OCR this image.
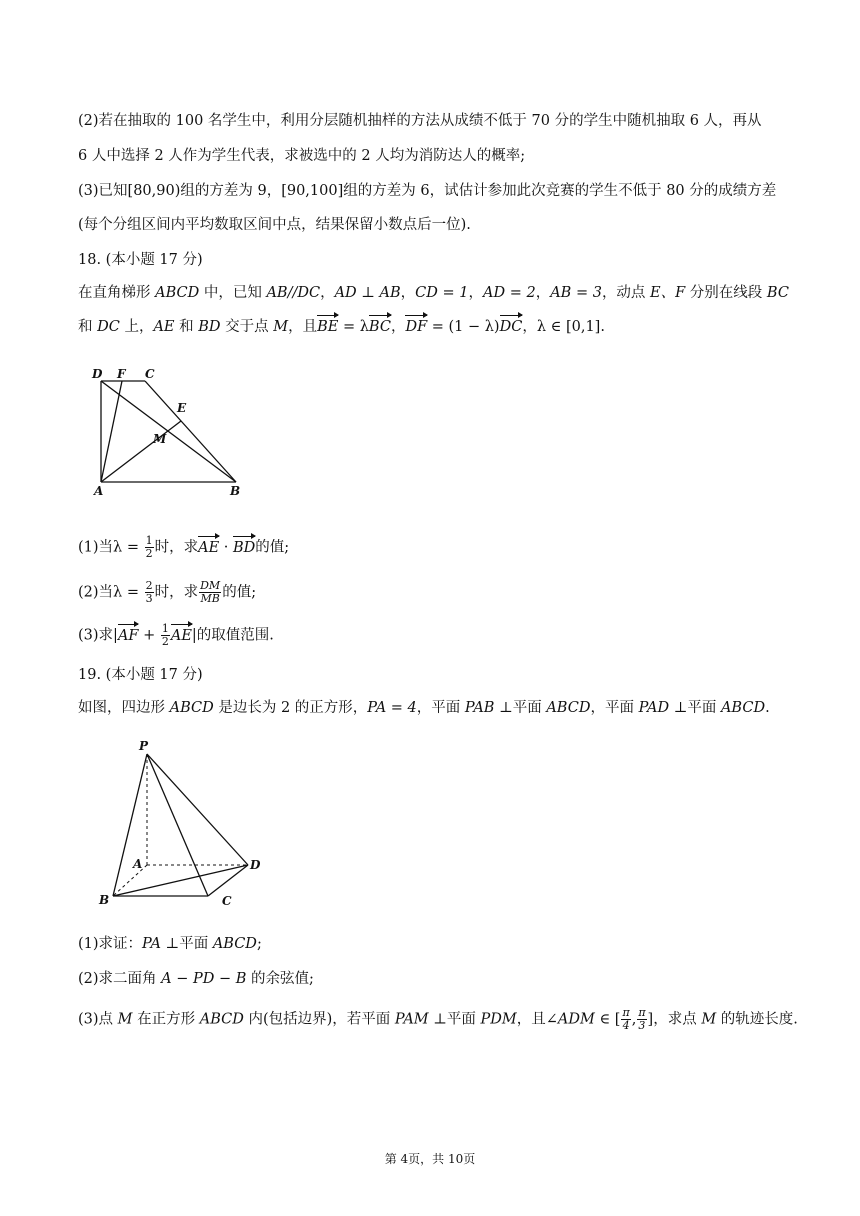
(2)若在抽取的 100 名学生中，利用分层随机抽样的方法从成绩不低于 70 分的学生中随机抽取 6 人，再从
6 人中选择 2 人作为学生代表，求被选中的 2 人均为消防达人的概率;
(3)已知[80,90)组的方差为 9，[90,100]组的方差为 6，试估计参加此次竞赛的学生不低于 80 分的成绩方差
(每个分组区间内平均数取区间中点，结果保留小数点后一位).
18. (本小题 17 分)
在直角梯形 ABCD 中，已知 AB//DC，AD ⊥ AB，CD = 1，AD = 2，AB = 3，动点 E、F 分别在线段 BC
和 DC 上，AE 和 BD 交于点 M，且BE = λBC，DF = (1 − λ)DC，λ ∈ [0,1].
D F C
E
M
A	B
(1)当$\lambda = \frac{1}{2}$ 时，求AE · BD的值;
(2)当$\lambda = \frac{2}{3}$ 时，求 $\frac{DM}{MB}$ 的值;
(3)求$|AF + \frac{1}{2} AE|$的取值范围.
19. (本小题 17 分)
如图，四边形 ABCD 是边长为 2 的正方形，PA = 4，平面 PAB ⊥平面 ABCD，平面 PAD ⊥平面 ABCD.
P
A	D
B	C
(1)求证：PA ⊥平面 ABCD;
(2)求二面角 A − PD − B 的余弦值;
(3)点 M 在正方形 ABCD 内(包括边界)，若平面 PAM ⊥平面 PDM，且∠ADM ∈ [ $\frac{\pi}{4}$ , $\frac{\pi}{3}$ ]，求点 M 的轨迹长度.
第 4页，共 10页
